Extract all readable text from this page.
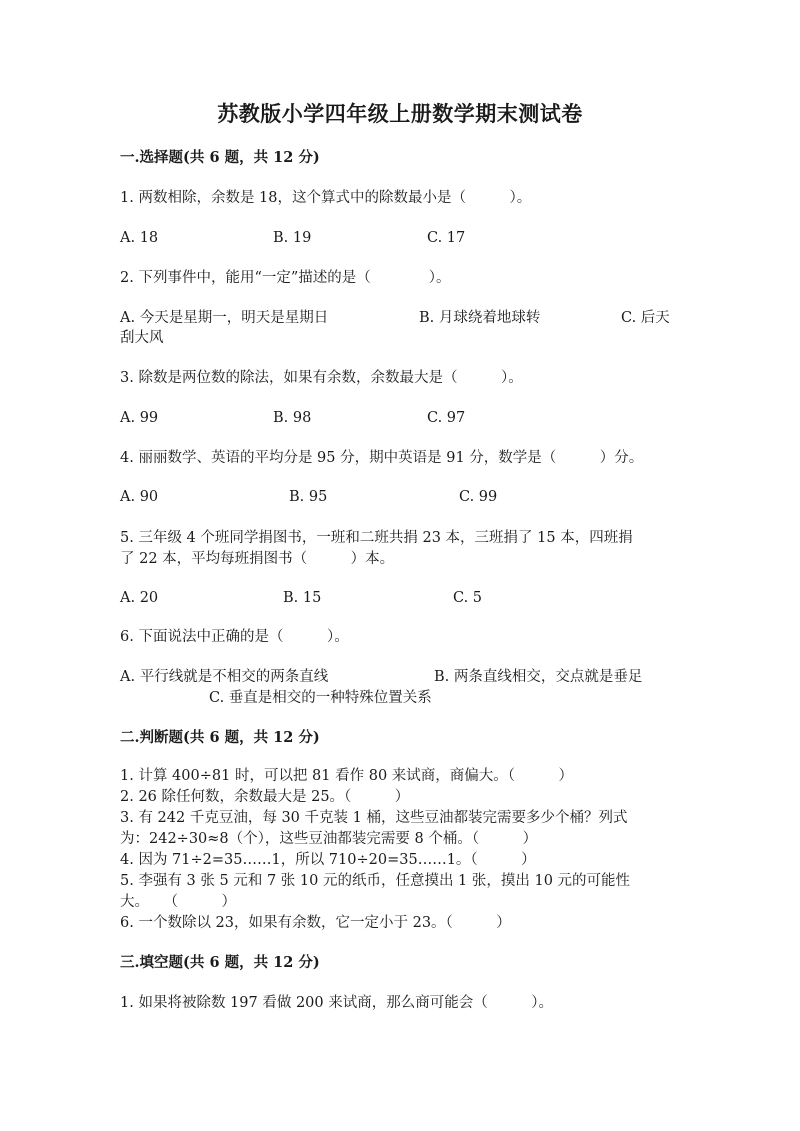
苏教版小学四年级上册数学期末测试卷
一.选择题(共 6 题，共 12 分)
1. 两数相除，余数是 18，这个算式中的除数最小是（　　　）。
A. 18	B. 19	C. 17
2. 下列事件中，能用“一定”描述的是（　　　　）。
A. 今天是星期一，明天是星期日	B. 月球绕着地球转	C. 后天
刮大风
3. 除数是两位数的除法，如果有余数，余数最大是（　　　）。
A. 99	B. 98	C. 97
4. 丽丽数学、英语的平均分是 95 分，期中英语是 91 分，数学是（　　　）分。
A. 90	B. 95	C. 99
5. 三年级 4 个班同学捐图书，一班和二班共捐 23 本，三班捐了 15 本，四班捐
了 22 本，平均每班捐图书（　　　）本。
A. 20	B. 15	C. 5
6. 下面说法中正确的是（　　　）。
A. 平行线就是不相交的两条直线	B. 两条直线相交，交点就是垂足
C. 垂直是相交的一种特殊位置关系
二.判断题(共 6 题，共 12 分)
1. 计算 400÷81 时，可以把 81 看作 80 来试商，商偏大。（　　　）
2. 26 除任何数，余数最大是 25。（　　　）
3. 有 242 千克豆油，每 30 千克装 1 桶，这些豆油都装完需要多少个桶？列式
为：242÷30≈8（个），这些豆油都装完需要 8 个桶。（　　　）
4. 因为 71÷2=35……1，所以 710÷20=35……1。（　　　）
5. 李强有 3 张 5 元和 7 张 10 元的纸币，任意摸出 1 张，摸出 10 元的可能性
大。　　（　　　）
6. 一个数除以 23，如果有余数，它一定小于 23。（　　　）
三.填空题(共 6 题，共 12 分)
1. 如果将被除数 197 看做 200 来试商，那么商可能会（　　　）。
